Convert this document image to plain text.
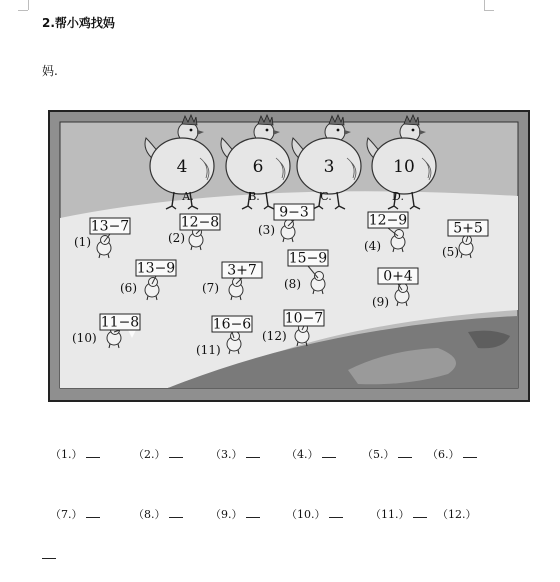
2.帮小鸡找妈
妈.
4
A.
6
B.
3
C.
10
D.
13−7
(1)
12−8
(2)
9−3
(3)
12−9
(4)
5+5
(5)
13−9
(6)
3+7
(7)
15−9
(8)	0+4
(9)
11−8
(10)
16−6
(11)
10−7
(12)
（1.）	（2.）	（3.）	（4.）	（5.）	（6.）
（7.）	（8.）	（9.）	（10.）	（11.）	（12.）
